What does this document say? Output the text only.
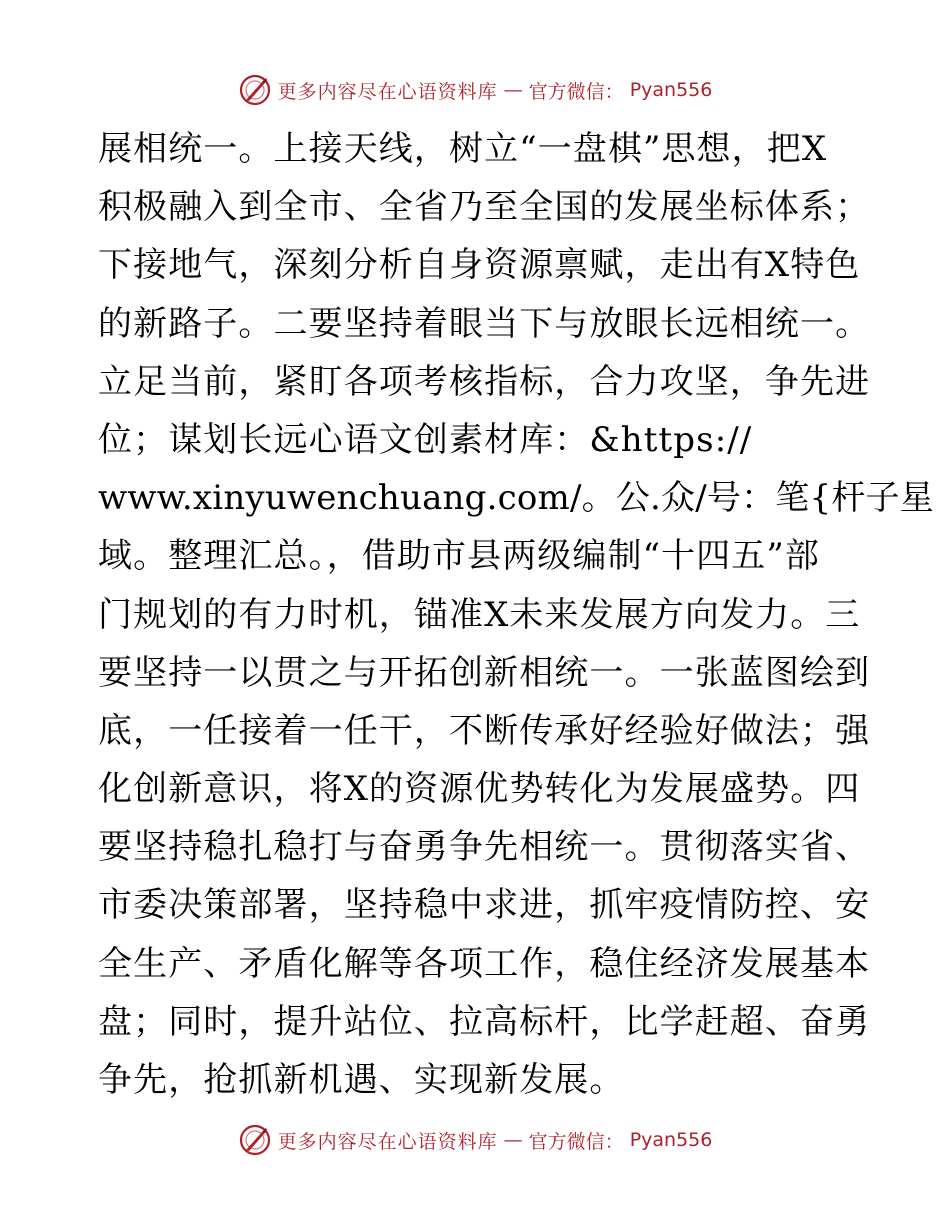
更多内容尽在心语资料库 — 官方微信： Pyan556
展相统一。上接天线，树立“一盘棋”思想，把X
积极融入到全市、全省乃至全国的发展坐标体系；
下接地气，深刻分析自身资源禀赋，走出有X特色
的新路子。二要坚持着眼当下与放眼长远相统一。
立足当前，紧盯各项考核指标，合力攻坚，争先进
位；谋划长远心语文创素材库：&https://
www.xinyuwenchuang.com/。公.众/号：笔{杆子星
域。整理汇总。，借助市县两级编制“十四五”部
门规划的有力时机，锚准X未来发展方向发力。三
要坚持一以贯之与开拓创新相统一。一张蓝图绘到
底，一任接着一任干，不断传承好经验好做法；强
化创新意识，将X的资源优势转化为发展盛势。四
要坚持稳扎稳打与奋勇争先相统一。贯彻落实省、
市委决策部署，坚持稳中求进，抓牢疫情防控、安
全生产、矛盾化解等各项工作，稳住经济发展基本
盘；同时，提升站位、拉高标杆，比学赶超、奋勇
争先，抢抓新机遇、实现新发展。
更多内容尽在心语资料库 — 官方微信： Pyan556
